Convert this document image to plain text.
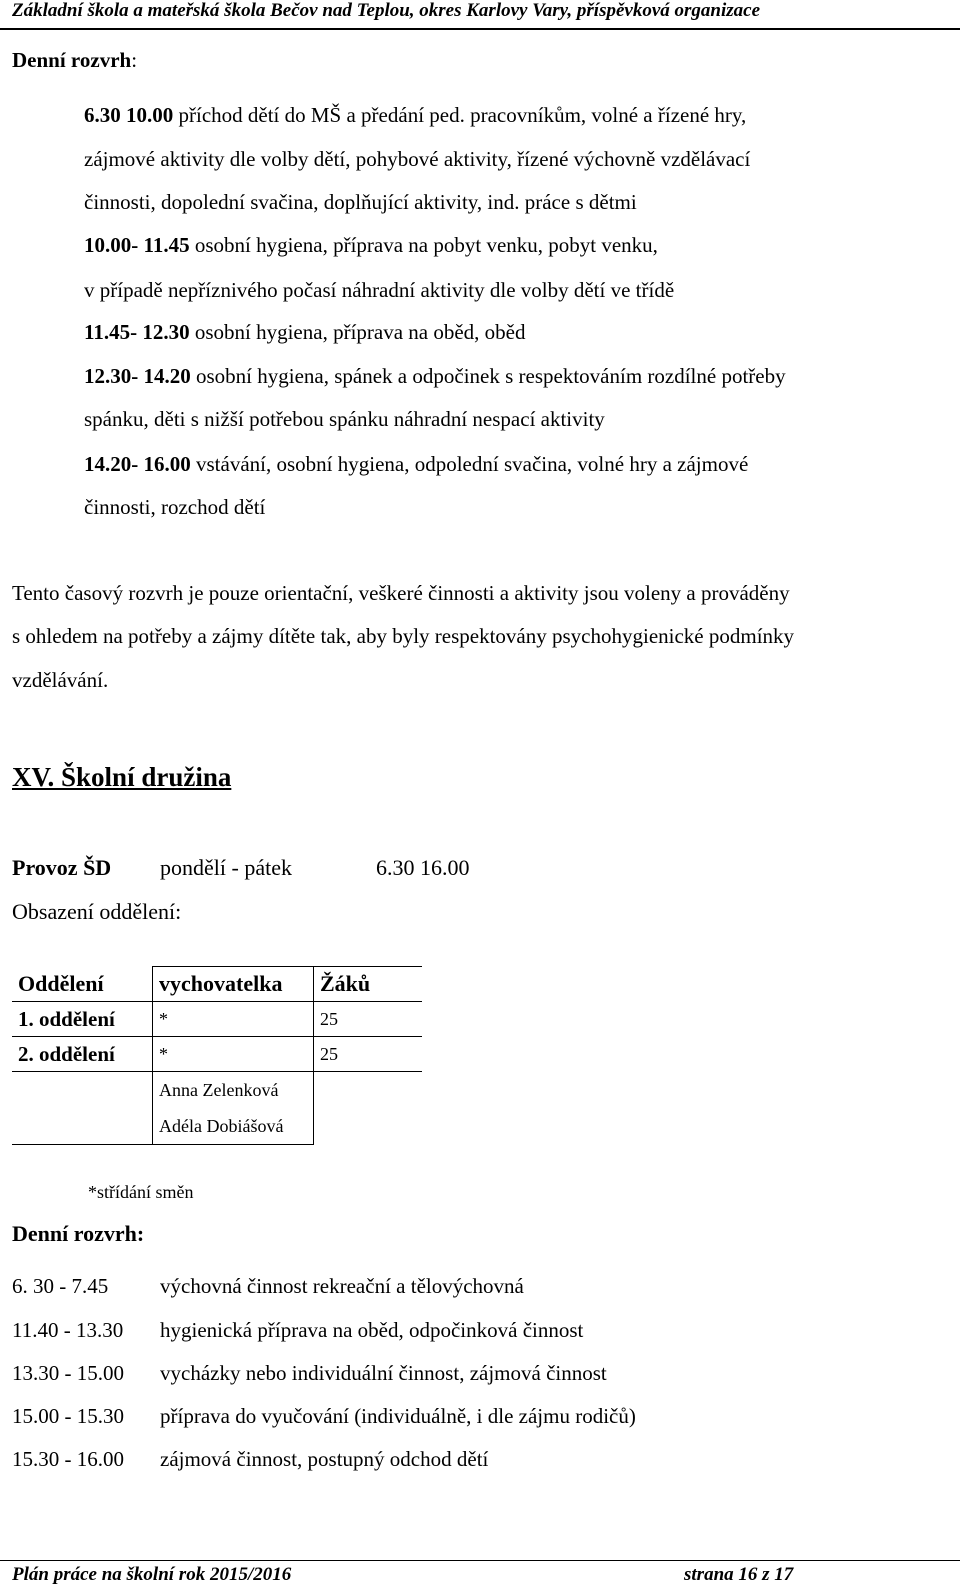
Základní škola a mateřská škola Bečov nad Teplou, okres Karlovy Vary, příspěvková organizace
Denní rozvrh:
6.30 10.00 příchod dětí do MŠ a předání ped. pracovníkům, volné a řízené hry,
zájmové aktivity dle volby dětí, pohybové aktivity, řízené výchovně vzdělávací
činnosti, dopolední svačina, doplňující aktivity, ind. práce s dětmi
10.00- 11.45 osobní hygiena, příprava na pobyt venku, pobyt venku,
v případě nepříznivého počasí náhradní aktivity dle volby dětí ve třídě
11.45- 12.30 osobní hygiena, příprava na oběd, oběd
12.30- 14.20 osobní hygiena, spánek a odpočinek s respektováním rozdílné potřeby
spánku, děti s nižší potřebou spánku náhradní nespací aktivity
14.20- 16.00 vstávání, osobní hygiena, odpolední svačina, volné hry a zájmové
činnosti, rozchod dětí
Tento časový rozvrh je pouze orientační, veškeré činnosti a aktivity jsou voleny a prováděny
s ohledem na potřeby a zájmy dítěte tak, aby byly respektovány psychohygienické podmínky
vzdělávání.
XV. Školní družina
Provoz ŠD pondělí - pátek	6.30 16.00
Obsazení oddělení:
Oddělení	vychovatelka	Žáků
1. oddělení	*	25
2. oddělení	*	25

	Anna Zelenková
Adéla Dobiášová	

*střídání směn
Denní rozvrh:
6. 30 - 7.45 výchovná činnost rekreační a tělovýchovná
11.40 - 13.30 hygienická příprava na oběd, odpočinková činnost
13.30 - 15.00 vycházky nebo individuální činnost, zájmová činnost
15.00 - 15.30 příprava do vyučování (individuálně, i dle zájmu rodičů)
15.30 - 16.00 zájmová činnost, postupný odchod dětí
Plán práce na školní rok 2015/2016	strana 16 z 17
